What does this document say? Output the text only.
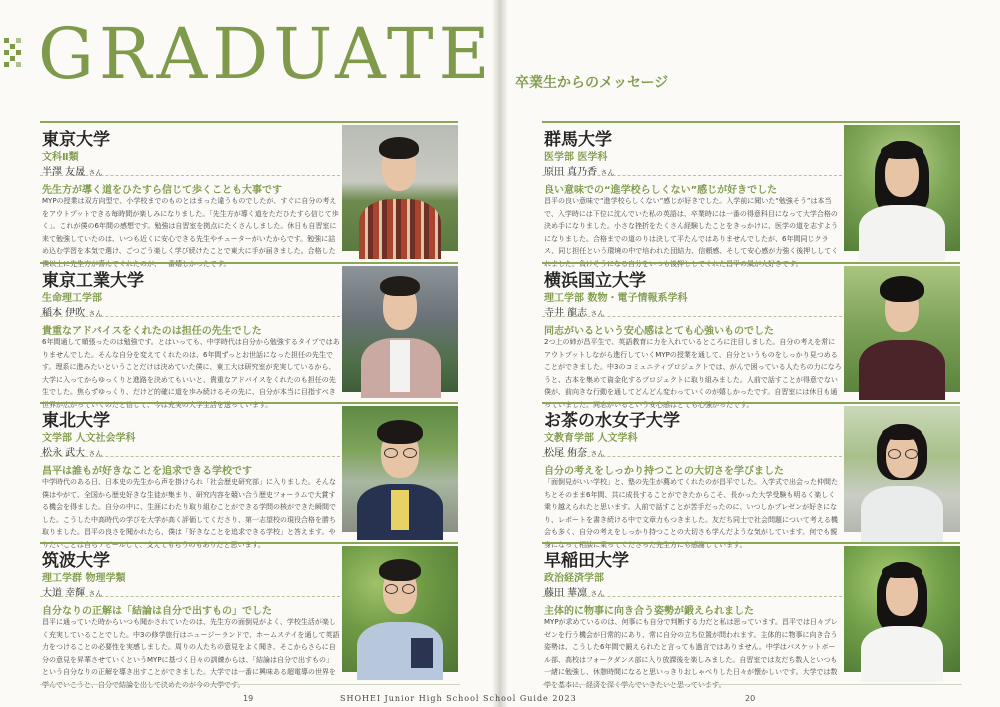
GRADUATE 卒業生からのメッセージ
東京大学
文科Ⅱ類
半澤 友晟 さん
先生方が導く道をひたすら信じて歩くことも大事です
MYPの授業は双方向型で、小学校までのものとはまった違うものでしたが、すぐに自分の考えをアウトプットできる毎時間が楽しみになりました。「先生方が導く道をただひたすら信じて歩く」。これが僕の6年間の感想です。勉強は自習室を拠点にたくさんしました。休日も自習室に来て勉強していたのは、いつも近くに安心できる先生やチューターがいたからです。勉強に詰め込む学習を本気で選け、ごつごう楽しく学び続けたことで東大に手が届きました。合格した僕以上に先生方が喜んでくれたのが、一番嬉しかったです。
東京工業大学
生命理工学部
稲本 伊吹 さん
貴重なアドバイスをくれたのは担任の先生でした
6年間通して順張ったのは勉強です。とはいっても、中学時代は自分から勉強するタイプではありませんでした。そんな自分を変えてくれたのは、6年間ずっとお世話になった担任の先生です。理系に進みたいということだけは決めていた僕に、東工大は研究室が充実しているから、大学に入ってからゆっくりと進路を決めてもいいと、貴重なアドバイスをくれたのも担任の先生でした。焦らずゆっくり、だけど的確に道を歩み続けるその先に、自分が本当に目指すべき世界が広がっていくのだと信じて、今は充実の大学生活を送っています。
東北大学
文学部 人文社会学科
松永 武大 さん
昌平は誰もが好きなことを追求できる学校です
中学時代のある日、日本史の先生から声を掛けられ「社会歴史研究部」に入りました。そんな僕はやがて、全国から歴史好きな生徒が集まり、研究内容を競い合う歴史フォーラムで大賞する機会を得ました。自分の中に、生涯にわたり取り組むことができる学問の核ができた瞬間でした。こうした中高時代の学びを大学が高く評価してくださり、第一志望校の現役合格を勝ち取りました。昌平の良さを聞かれたら、僕は「好きなことを追求できる学校」と答えます。やりたいことは自らアピールして、支えてもらうのもありだと思います。
筑波大学
理工学群 物理学類
大道 幸輝 さん
自分なりの正解は「結論は自分で出すもの」でした
昌平に通っていた時からいつも聞かされていたのは、先生方の面倒見がよく、学校生活が楽しく充実していることでした。中3の修学旅行はニュージーランドで、ホームステイを通して英語力をつけることの必要性を実感しました。周りの人たちの意見をよく聞き、そこからさらに自分の意見を昇華させていくというMYPに基づく日々の訓練からは、「結論は自分で出すもの」という自分なりの正解を導き出すことができました。大学では一番に興味ある超電導の世界を
群馬大学
医学部 医学科
原田 真乃香 さん
良い意味での“進学校らしくない”感じが好きでした
昌平の良い意味で“進学校らしくない”感じが好きでした。入学前に聞いた“勉強そう”は本当で、入学時には下位に沈んでいた私の英語は、卒業時には一番の得意科目になって大学合格の決め手になりました。小さな挫折をたくさん経験したことをきっかけに、医学の道を志すようになりました。合格までの道のりは決して平たんではありませんでしたが、6年間同じクラス、同じ担任という環境の中で培われた団結力、信頼感、そして安心感が力強く後押ししてくれました。負けそうになる自分をいつも後押ししてくれた昌平の風が大好きです。
横浜国立大学
理工学部 数物・電子情報系学科
寺井 龍志 さん
同志がいるという安心感はとても心強いものでした
2つ上の姉が昌平生で、英語教育に力を入れているところに注目しました。自分の考えを常にアウトプットしながら進行していくMYPの授業を通して、自分というものをしっかり見つめることができました。中3のコミュニティプロジェクトでは、がんで困っている人たちの力になろうと、古本を集めて資金化するプロジェクトに取り組みました。人前で話すことが得意でない僕が、前向きな行動を通してどんどん変わっていくのが嬉しかったです。自習室には休日も通っていました。同志がいるという安心感はとても心強かったです。
お茶の水女子大学
文教育学部 人文学科
松尾 侑奈 さん
自分の考えをしっかり持つことの大切さを学びました
「面倒見がいい学校」と、塾の先生が薦めてくれたのが昌平でした。入学式で出会った仲間たちとそのまま6年間、共に成長することができたからこそ、長かった大学受験も明るく楽しく乗り越えられたと思います。人前で話すことが苦手だったのに、いつしかプレゼンが好きになり、レポートを書き続ける中で文章力もつきました。友だち同士で社会問題について考える機会も多く、自分の考えをしっかり持つことの大切さも学んだような気がしています。何でも親身になって相談に乗ってくださった先生方にも感謝しています。
早稲田大学
政治経済学部
藤田 華凛 さん
主体的に物事に向き合う姿勢が鍛えられました
MYPが求めているのは、何事にも自分で判断する力だと私は思っています。昌平では日々プレゼンを行う機会が日常的にあり、常に自分の立ち位置が問われます。主体的に物事に向き合う姿勢は、こうした6年間で鍛えられたと言っても過言ではありません。中学はバスケットボール部、高校はフォークダンス部に入り放課後を楽しみました。自習室では友だち数人といつも一緒に勉強し、休憩時間になると思いっきりおしゃべりした日々が懐かしいです。大学では数
19	SHOHEI Junior High School School Guide 2023	20
